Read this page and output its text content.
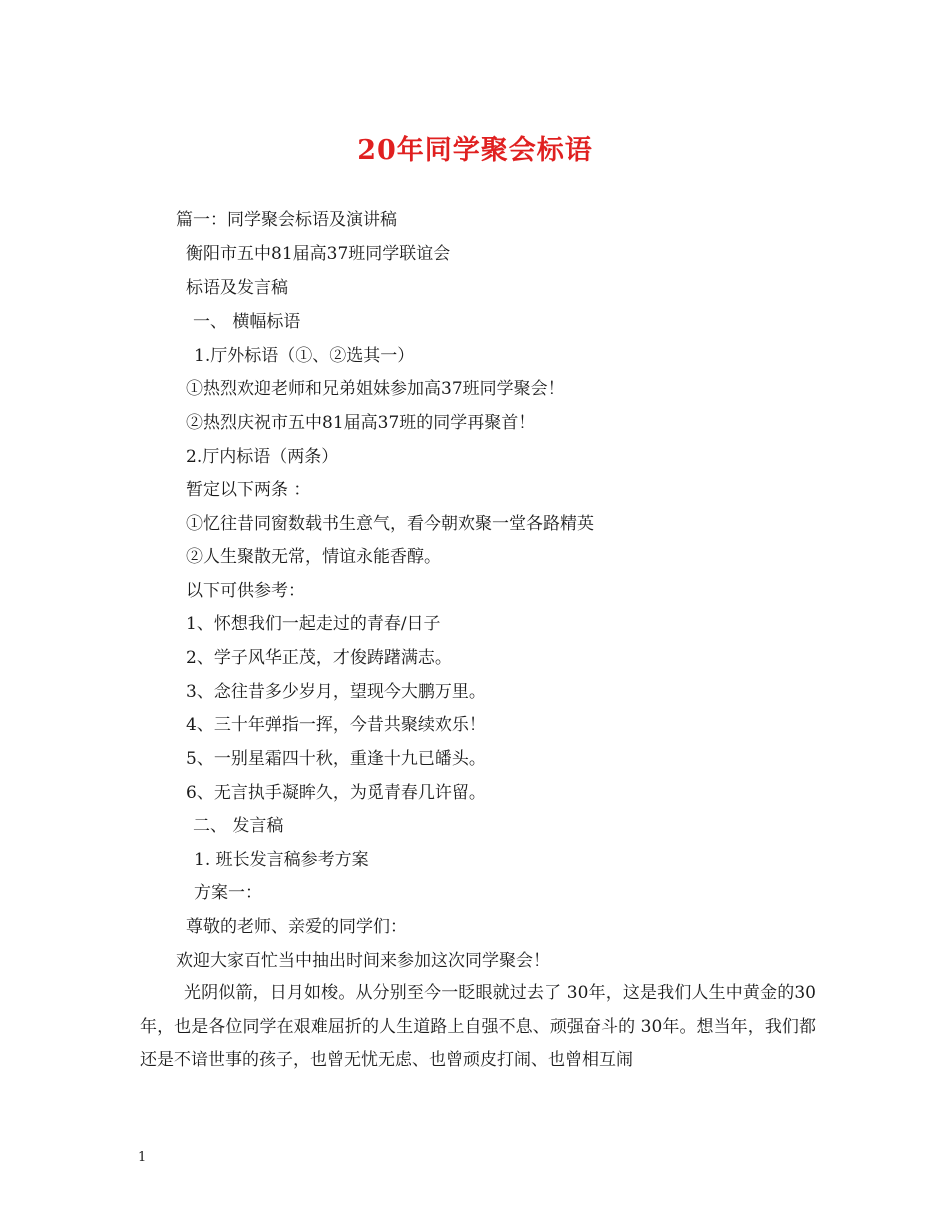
20年同学聚会标语
篇一：同学聚会标语及演讲稿
衡阳市五中81届高37班同学联谊会
标语及发言稿
一、 横幅标语
1.厅外标语（①、②选其一）
①热烈欢迎老师和兄弟姐妹参加高37班同学聚会！
②热烈庆祝市五中81届高37班的同学再聚首！
2.厅内标语（两条）
暂定以下两条 ：
①忆往昔同窗数载书生意气，看今朝欢聚一堂各路精英
②人生聚散无常，情谊永能香醇。
以下可供参考：
1、怀想我们一起走过的青春/日子
2、学子风华正茂，才俊踌躇满志。
3、念往昔多少岁月，望现今大鹏万里。
4、三十年弹指一挥，今昔共聚续欢乐！
5、一别星霜四十秋，重逢十九已皤头。
6、无言执手凝眸久，为觅青春几许留。
二、 发言稿
1. 班长发言稿参考方案
方案一：
尊敬的老师、亲爱的同学们：
欢迎大家百忙当中抽出时间来参加这次同学聚会！
光阴似箭，日月如梭。从分别至今一眨眼就过去了 30年，这是我们人生中黄金的30年，也是各位同学在艰难屈折的人生道路上自强不息、顽强奋斗的 30年。想当年，我们都还是不谙世事的孩子，也曾无忧无虑、也曾顽皮打闹、也曾相互闹
1
